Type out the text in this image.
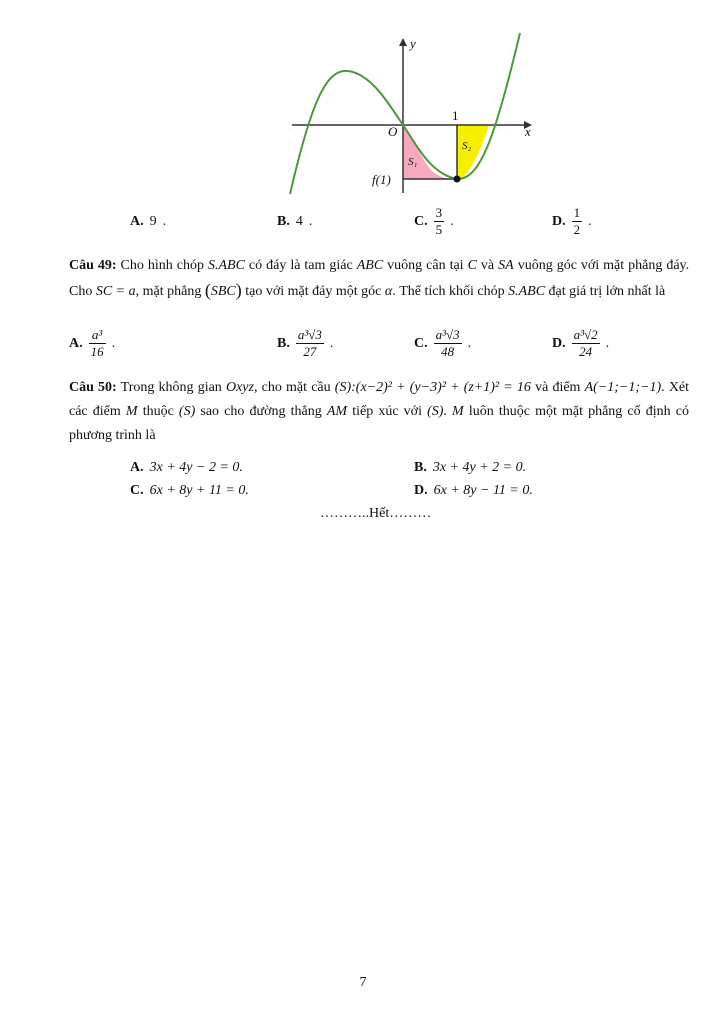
y
x
O
1
f(1)
S₁
S₂
A. 9 .	B. 4 .	C. $\frac{3}{5}$ .	D. $\frac{1}{2}$ .
Câu 49: Cho hình chóp S.ABC có đáy là tam giác ABC vuông cân tại C và SA vuông góc với mặt phẳng đáy. Cho SC = a, mặt phẳng (SBC) tạo với mặt đáy một góc α. Thể tích khối chóp S.ABC đạt giá trị lớn nhất là
A. $\frac{\text{a³}}{16}$ .	B. $\frac{\text{a³√3}}{27}$ .	C. $\frac{\text{a³√3}}{48}$ .	D. $\frac{\text{a³√2}}{24}$ .
Câu 50: Trong không gian Oxyz, cho mặt cầu (S):(x−2)² + (y−3)² + (z+1)² = 16 và điểm A(−1;−1;−1). Xét các điểm M thuộc (S) sao cho đường thẳng AM tiếp xúc với (S). M luôn thuộc một mặt phẳng cố định có phương trình là
A. 3x + 4y − 2 = 0.	B. 3x + 4y + 2 = 0.
C. 6x + 8y + 11 = 0.	D. 6x + 8y − 11 = 0.
………..Hết………
7
